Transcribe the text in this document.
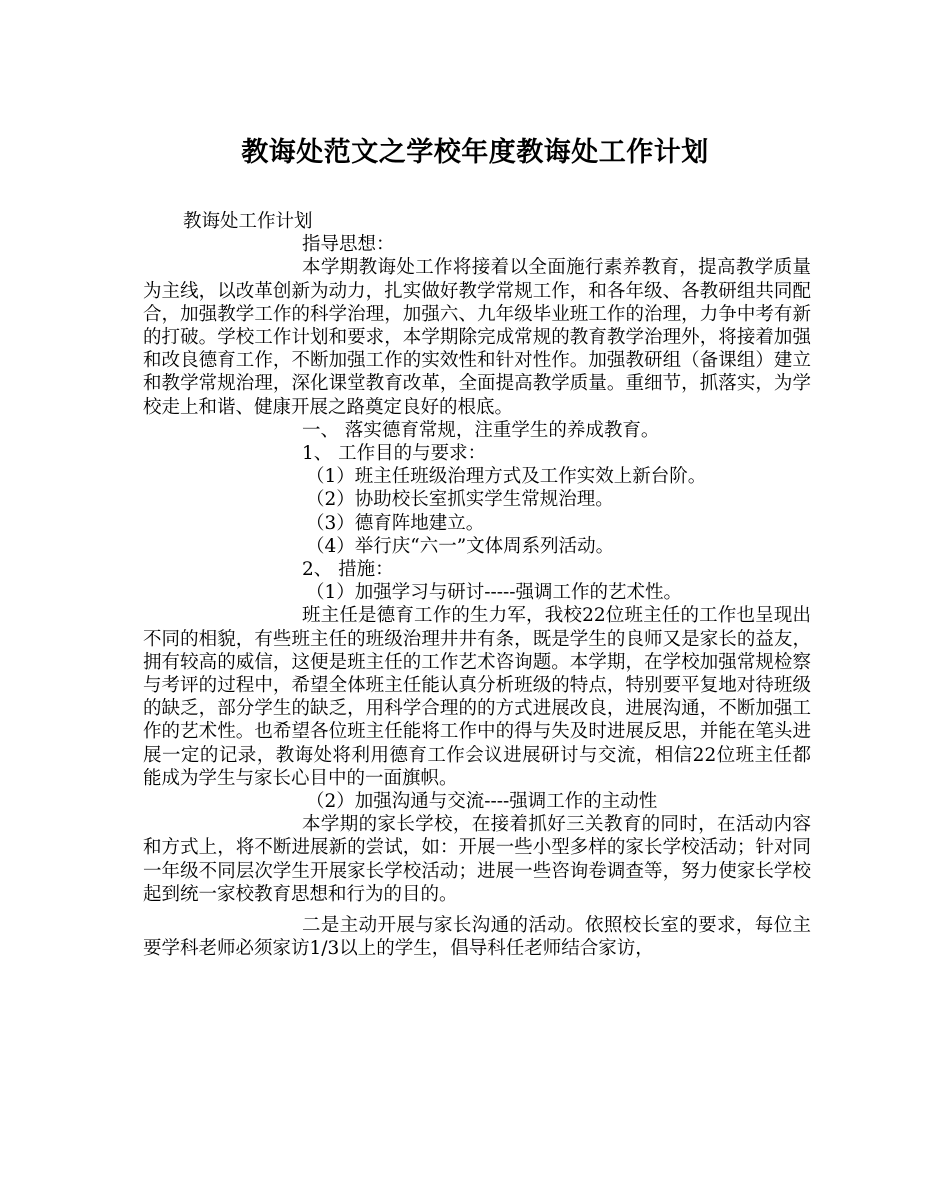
教诲处范文之学校年度教诲处工作计划

教诲处工作计划

指导思想：

本学期教诲处工作将接着以全面施行素养教育，提高教学质量为主线，以改革创新为动力，扎实做好教学常规工作，和各年级、各教研组共同配合，加强教学工作的科学治理，加强六、九年级毕业班工作的治理，力争中考有新的打破。学校工作计划和要求，本学期除完成常规的教育教学治理外，将接着加强和改良德育工作，不断加强工作的实效性和针对性作。加强教研组（备课组）建立和教学常规治理，深化课堂教育改革，全面提高教学质量。重细节，抓落实，为学校走上和谐、健康开展之路奠定良好的根底。

一、 落实德育常规，注重学生的养成教育。

1、 工作目的与要求：

（1）班主任班级治理方式及工作实效上新台阶。

（2）协助校长室抓实学生常规治理。

（3）德育阵地建立。

（4）举行庆“六一”文体周系列活动。

2、 措施：

（1）加强学习与研讨-----强调工作的艺术性。

班主任是德育工作的生力军，我校22位班主任的工作也呈现出不同的相貌，有些班主任的班级治理井井有条，既是学生的良师又是家长的益友，拥有较高的威信，这便是班主任的工作艺术咨询题。本学期，在学校加强常规检察与考评的过程中，希望全体班主任能认真分析班级的特点，特别要平复地对待班级的缺乏，部分学生的缺乏，用科学合理的的方式进展改良，进展沟通，不断加强工作的艺术性。也希望各位班主任能将工作中的得与失及时进展反思，并能在笔头进展一定的记录，教诲处将利用德育工作会议进展研讨与交流，相信22位班主任都能成为学生与家长心目中的一面旗帜。

（2）加强沟通与交流----强调工作的主动性

本学期的家长学校，在接着抓好三关教育的同时，在活动内容和方式上，将不断进展新的尝试，如：开展一些小型多样的家长学校活动；针对同一年级不同层次学生开展家长学校活动；进展一些咨询卷调查等，努力使家长学校起到统一家校教育思想和行为的目的。

二是主动开展与家长沟通的活动。依照校长室的要求，每位主要学科老师必须家访1/3以上的学生，倡导科任老师结合家访，
